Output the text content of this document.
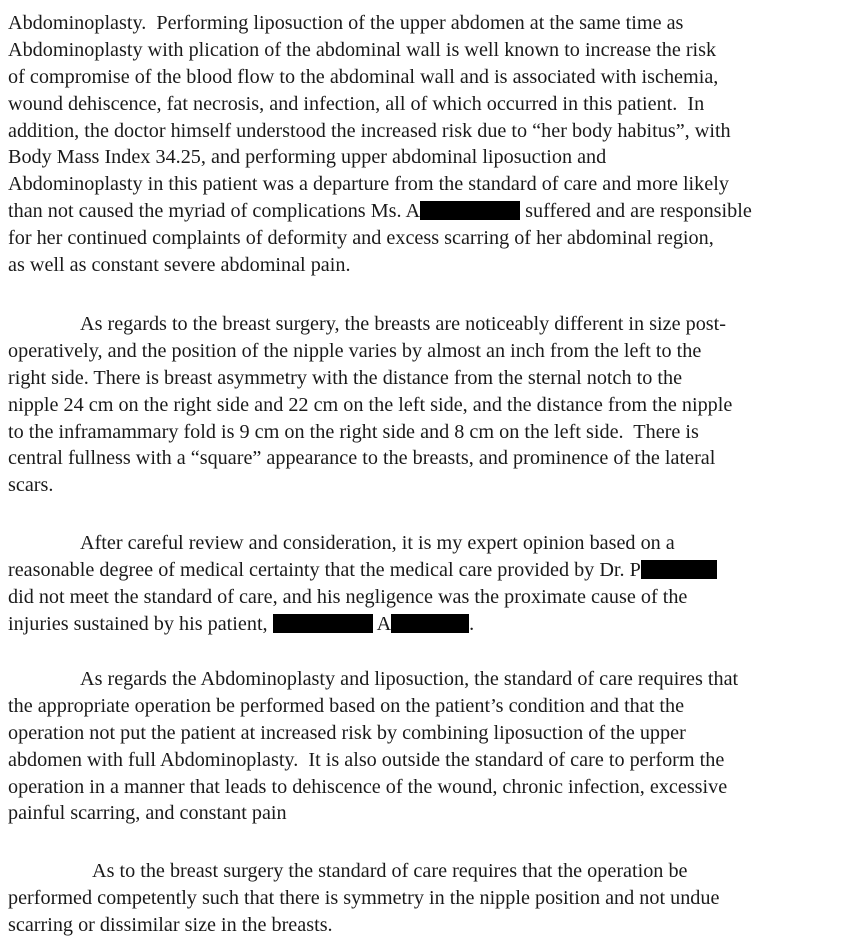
Abdominoplasty.  Performing liposuction of the upper abdomen at the same time as
Abdominoplasty with plication of the abdominal wall is well known to increase the risk
of compromise of the blood flow to the abdominal wall and is associated with ischemia,
wound dehiscence, fat necrosis, and infection, all of which occurred in this patient.  In
addition, the doctor himself understood the increased risk due to “her body habitus”, with
Body Mass Index 34.25, and performing upper abdominal liposuction and
Abdominoplasty in this patient was a departure from the standard of care and more likely
than not caused the myriad of complications Ms. A	suffered and are responsible
for her continued complaints of deformity and excess scarring of her abdominal region,
as well as constant severe abdominal pain.
As regards to the breast surgery, the breasts are noticeably different in size post-
operatively, and the position of the nipple varies by almost an inch from the left to the
right side. There is breast asymmetry with the distance from the sternal notch to the
nipple 24 cm on the right side and 22 cm on the left side, and the distance from the nipple
to the inframammary fold is 9 cm on the right side and 8 cm on the left side.  There is
central fullness with a “square” appearance to the breasts, and prominence of the lateral
scars.
After careful review and consideration, it is my expert opinion based on a
reasonable degree of medical certainty that the medical care provided by Dr. P
did not meet the standard of care, and his negligence was the proximate cause of the
injuries sustained by his patient,	A	.
As regards the Abdominoplasty and liposuction, the standard of care requires that
the appropriate operation be performed based on the patient’s condition and that the
operation not put the patient at increased risk by combining liposuction of the upper
abdomen with full Abdominoplasty.  It is also outside the standard of care to perform the
operation in a manner that leads to dehiscence of the wound, chronic infection, excessive
painful scarring, and constant pain
As to the breast surgery the standard of care requires that the operation be
performed competently such that there is symmetry in the nipple position and not undue
scarring or dissimilar size in the breasts.
